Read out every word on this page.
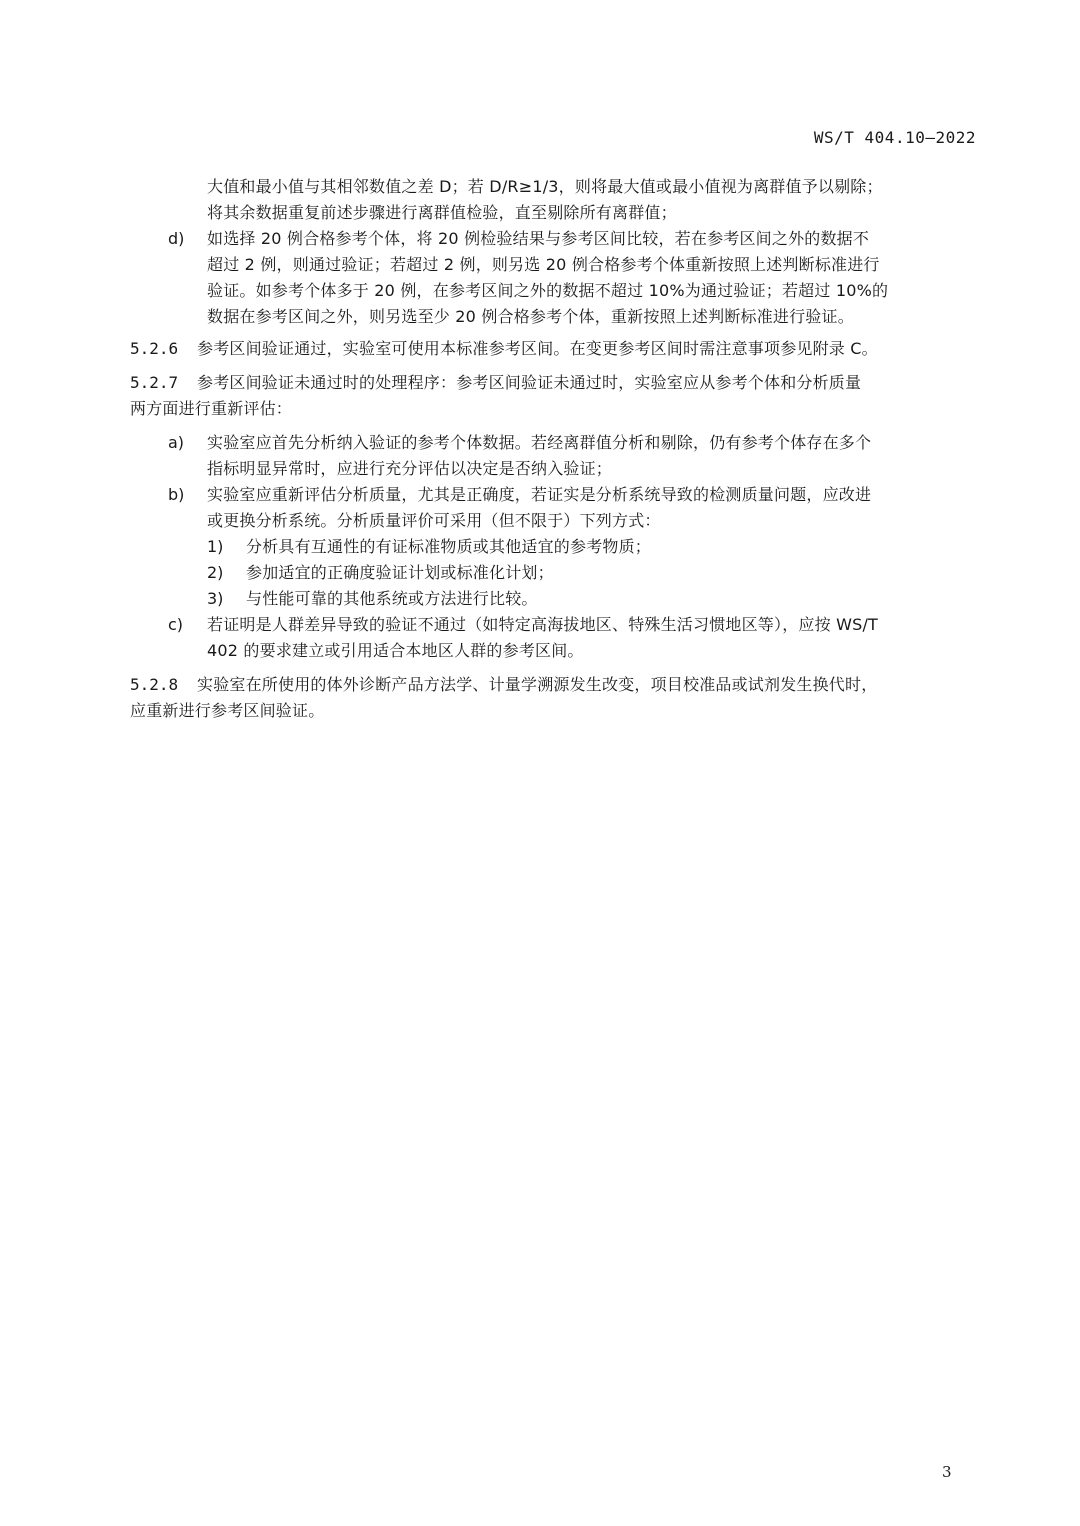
WS/T 404.10—2022
大值和最小值与其相邻数值之差 D；若 D/R≥1/3，则将最大值或最小值视为离群值予以剔除；
将其余数据重复前述步骤进行离群值检验，直至剔除所有离群值；
d) 如选择 20 例合格参考个体，将 20 例检验结果与参考区间比较，若在参考区间之外的数据不
超过 2 例，则通过验证；若超过 2 例，则另选 20 例合格参考个体重新按照上述判断标准进行
验证。如参考个体多于 20 例，在参考区间之外的数据不超过 10%为通过验证；若超过 10%的
数据在参考区间之外，则另选至少 20 例合格参考个体，重新按照上述判断标准进行验证。
5.2.6 参考区间验证通过，实验室可使用本标准参考区间。在变更参考区间时需注意事项参见附录 C。
5.2.7 参考区间验证未通过时的处理程序：参考区间验证未通过时，实验室应从参考个体和分析质量
两方面进行重新评估：
a) 实验室应首先分析纳入验证的参考个体数据。若经离群值分析和剔除，仍有参考个体存在多个
指标明显异常时，应进行充分评估以决定是否纳入验证；
b) 实验室应重新评估分析质量，尤其是正确度，若证实是分析系统导致的检测质量问题，应改进
或更换分析系统。分析质量评价可采用（但不限于）下列方式：
1) 分析具有互通性的有证标准物质或其他适宜的参考物质；
2) 参加适宜的正确度验证计划或标准化计划；
3) 与性能可靠的其他系统或方法进行比较。
c) 若证明是人群差异导致的验证不通过（如特定高海拔地区、特殊生活习惯地区等），应按 WS/T
402 的要求建立或引用适合本地区人群的参考区间。
5.2.8 实验室在所使用的体外诊断产品方法学、计量学溯源发生改变，项目校准品或试剂发生换代时，
应重新进行参考区间验证。
3
